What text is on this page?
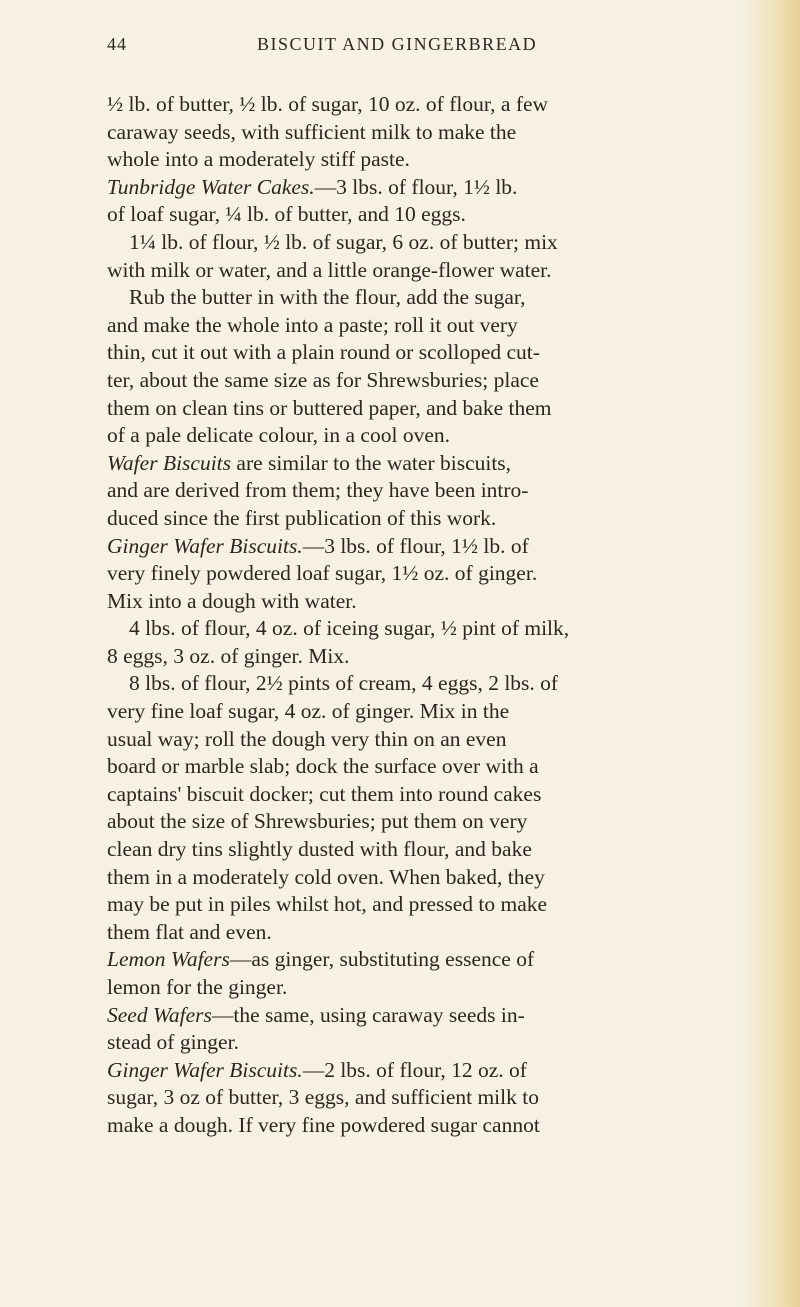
44	BISCUIT AND GINGERBREAD
½ lb. of butter, ½ lb. of sugar, 10 oz. of flour, a few
caraway seeds, with sufficient milk to make the
whole into a moderately stiff paste.
Tunbridge Water Cakes.—3 lbs. of flour, 1½ lb.
of loaf sugar, ¼ lb. of butter, and 10 eggs.
1¼ lb. of flour, ½ lb. of sugar, 6 oz. of butter; mix
with milk or water, and a little orange-flower water.
Rub the butter in with the flour, add the sugar,
and make the whole into a paste; roll it out very
thin, cut it out with a plain round or scolloped cut-
ter, about the same size as for Shrewsburies; place
them on clean tins or buttered paper, and bake them
of a pale delicate colour, in a cool oven.
Wafer Biscuits are similar to the water biscuits,
and are derived from them; they have been intro-
duced since the first publication of this work.
Ginger Wafer Biscuits.—3 lbs. of flour, 1½ lb. of
very finely powdered loaf sugar, 1½ oz. of ginger.
Mix into a dough with water.
4 lbs. of flour, 4 oz. of iceing sugar, ½ pint of milk,
8 eggs, 3 oz. of ginger. Mix.
8 lbs. of flour, 2½ pints of cream, 4 eggs, 2 lbs. of
very fine loaf sugar, 4 oz. of ginger. Mix in the
usual way; roll the dough very thin on an even
board or marble slab; dock the surface over with a
captains' biscuit docker; cut them into round cakes
about the size of Shrewsburies; put them on very
clean dry tins slightly dusted with flour, and bake
them in a moderately cold oven. When baked, they
may be put in piles whilst hot, and pressed to make
them flat and even.
Lemon Wafers—as ginger, substituting essence of
lemon for the ginger.
Seed Wafers—the same, using caraway seeds in-
stead of ginger.
Ginger Wafer Biscuits.—2 lbs. of flour, 12 oz. of
sugar, 3 oz of butter, 3 eggs, and sufficient milk to
make a dough. If very fine powdered sugar cannot
